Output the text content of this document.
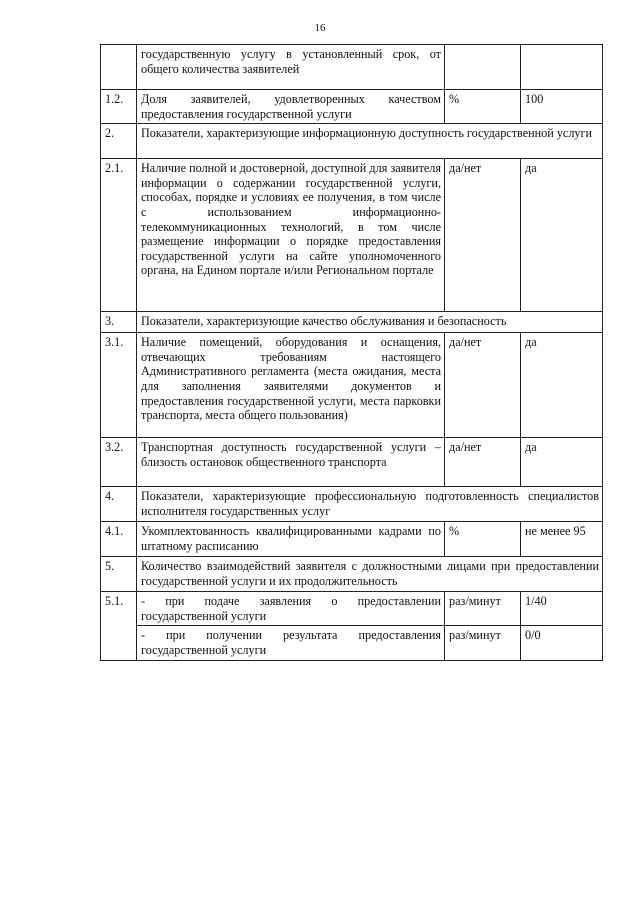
16
	государственную услугу в установленный срок, от общего количества заявителей		
1.2.	Доля заявителей, удовлетворенных качеством предоставления государственной услуги	%	100
2.	Показатели, характеризующие информационную доступность государственной услуги		
2.1.	Наличие полной и достоверной, доступной для заявителя информации о содержании государственной услуги, способах, порядке и условиях ее получения, в том числе с использованием информационно-телекоммуникационных технологий, в том числе размещение информации о порядке предоставления государственной услуги на сайте уполномоченного органа, на Едином портале и/или Региональном портале	да/нет	да
3.	Показатели, характеризующие качество обслуживания и безопасность		
3.1.	Наличие помещений, оборудования и оснащения, отвечающих требованиям настоящего Административного регламента (места ожидания, места для заполнения заявителями документов и предоставления государственной услуги, места парковки транспорта, места общего пользования)	да/нет	да
3.2.	Транспортная доступность государственной услуги – близость остановок общественного транспорта	да/нет	да
4.	Показатели, характеризующие профессиональную подготовленность специалистов исполнителя государственных услуг		
4.1.	Укомплектованность квалифицированными кадрами по штатному расписанию	%	не менее 95
5.	Количество взаимодействий заявителя с должностными лицами при предоставлении государственной услуги и их продолжительность		
5.1.	- при подаче заявления о предоставлении государственной услуги	раз/минут	1/40
	- при получении результата предоставления государственной услуги	раз/минут	0/0
